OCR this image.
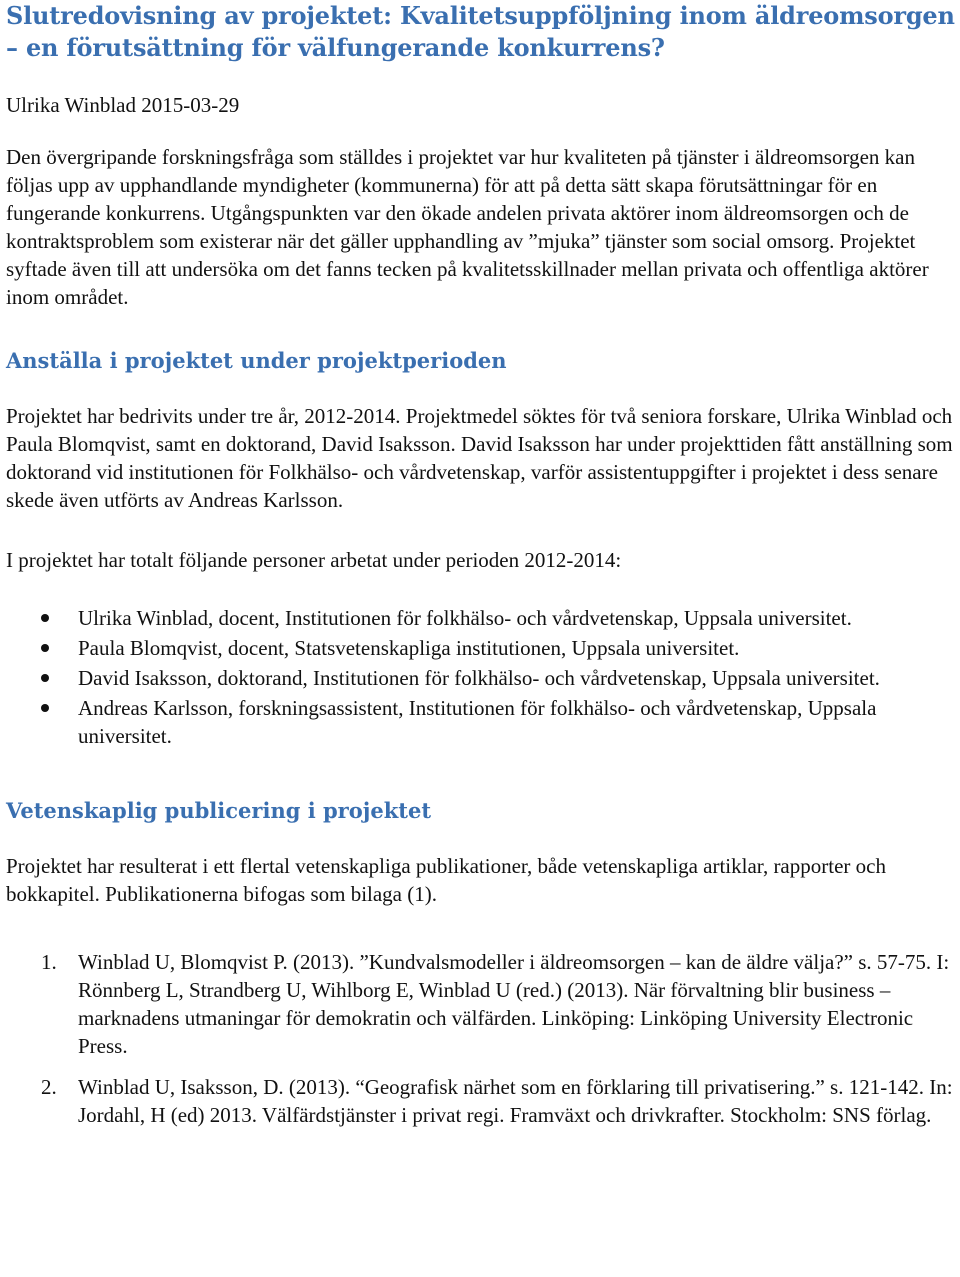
Slutredovisning av projektet: Kvalitetsuppföljning inom äldreomsorgen – en förutsättning för välfungerande konkurrens?

Ulrika Winblad 2015-03-29

Den övergripande forskningsfråga som ställdes i projektet var hur kvaliteten på tjänster i äldreomsorgen kan följas upp av upphandlande myndigheter (kommunerna) för att på detta sätt skapa förutsättningar för en fungerande konkurrens. Utgångspunkten var den ökade andelen privata aktörer inom äldreomsorgen och de kontraktsproblem som existerar när det gäller upphandling av ”mjuka” tjänster som social omsorg. Projektet syftade även till att undersöka om det fanns tecken på kvalitetsskillnader mellan privata och offentliga aktörer inom området.

Anställa i projektet under projektperioden

Projektet har bedrivits under tre år, 2012-2014. Projektmedel söktes för två seniora forskare, Ulrika Winblad och Paula Blomqvist, samt en doktorand, David Isaksson. David Isaksson har under projekttiden fått anställning som doktorand vid institutionen för Folkhälso- och vårdvetenskap, varför assistentuppgifter i projektet i dess senare skede även utförts av Andreas Karlsson.

I projektet har totalt följande personer arbetat under perioden 2012-2014:

Ulrika Winblad, docent, Institutionen för folkhälso- och vårdvetenskap, Uppsala universitet.
Paula Blomqvist, docent, Statsvetenskapliga institutionen, Uppsala universitet.
David Isaksson, doktorand, Institutionen för folkhälso- och vårdvetenskap, Uppsala universitet.
Andreas Karlsson, forskningsassistent, Institutionen för folkhälso- och vårdvetenskap, Uppsala universitet.
Vetenskaplig publicering i projektet

Projektet har resulterat i ett flertal vetenskapliga publikationer, både vetenskapliga artiklar, rapporter och bokkapitel. Publikationerna bifogas som bilaga (1).

1. Winblad U, Blomqvist P. (2013). ”Kundvalsmodeller i äldreomsorgen – kan de äldre välja?” s. 57-75. I: Rönnberg L, Strandberg U, Wihlborg E, Winblad U (red.) (2013). När förvaltning blir business – marknadens utmaningar för demokratin och välfärden. Linköping: Linköping University Electronic Press.
2. Winblad U, Isaksson, D. (2013). “Geografisk närhet som en förklaring till privatisering.” s. 121-142. In: Jordahl, H (ed) 2013. Välfärdstjänster i privat regi. Framväxt och drivkrafter. Stockholm: SNS förlag.
